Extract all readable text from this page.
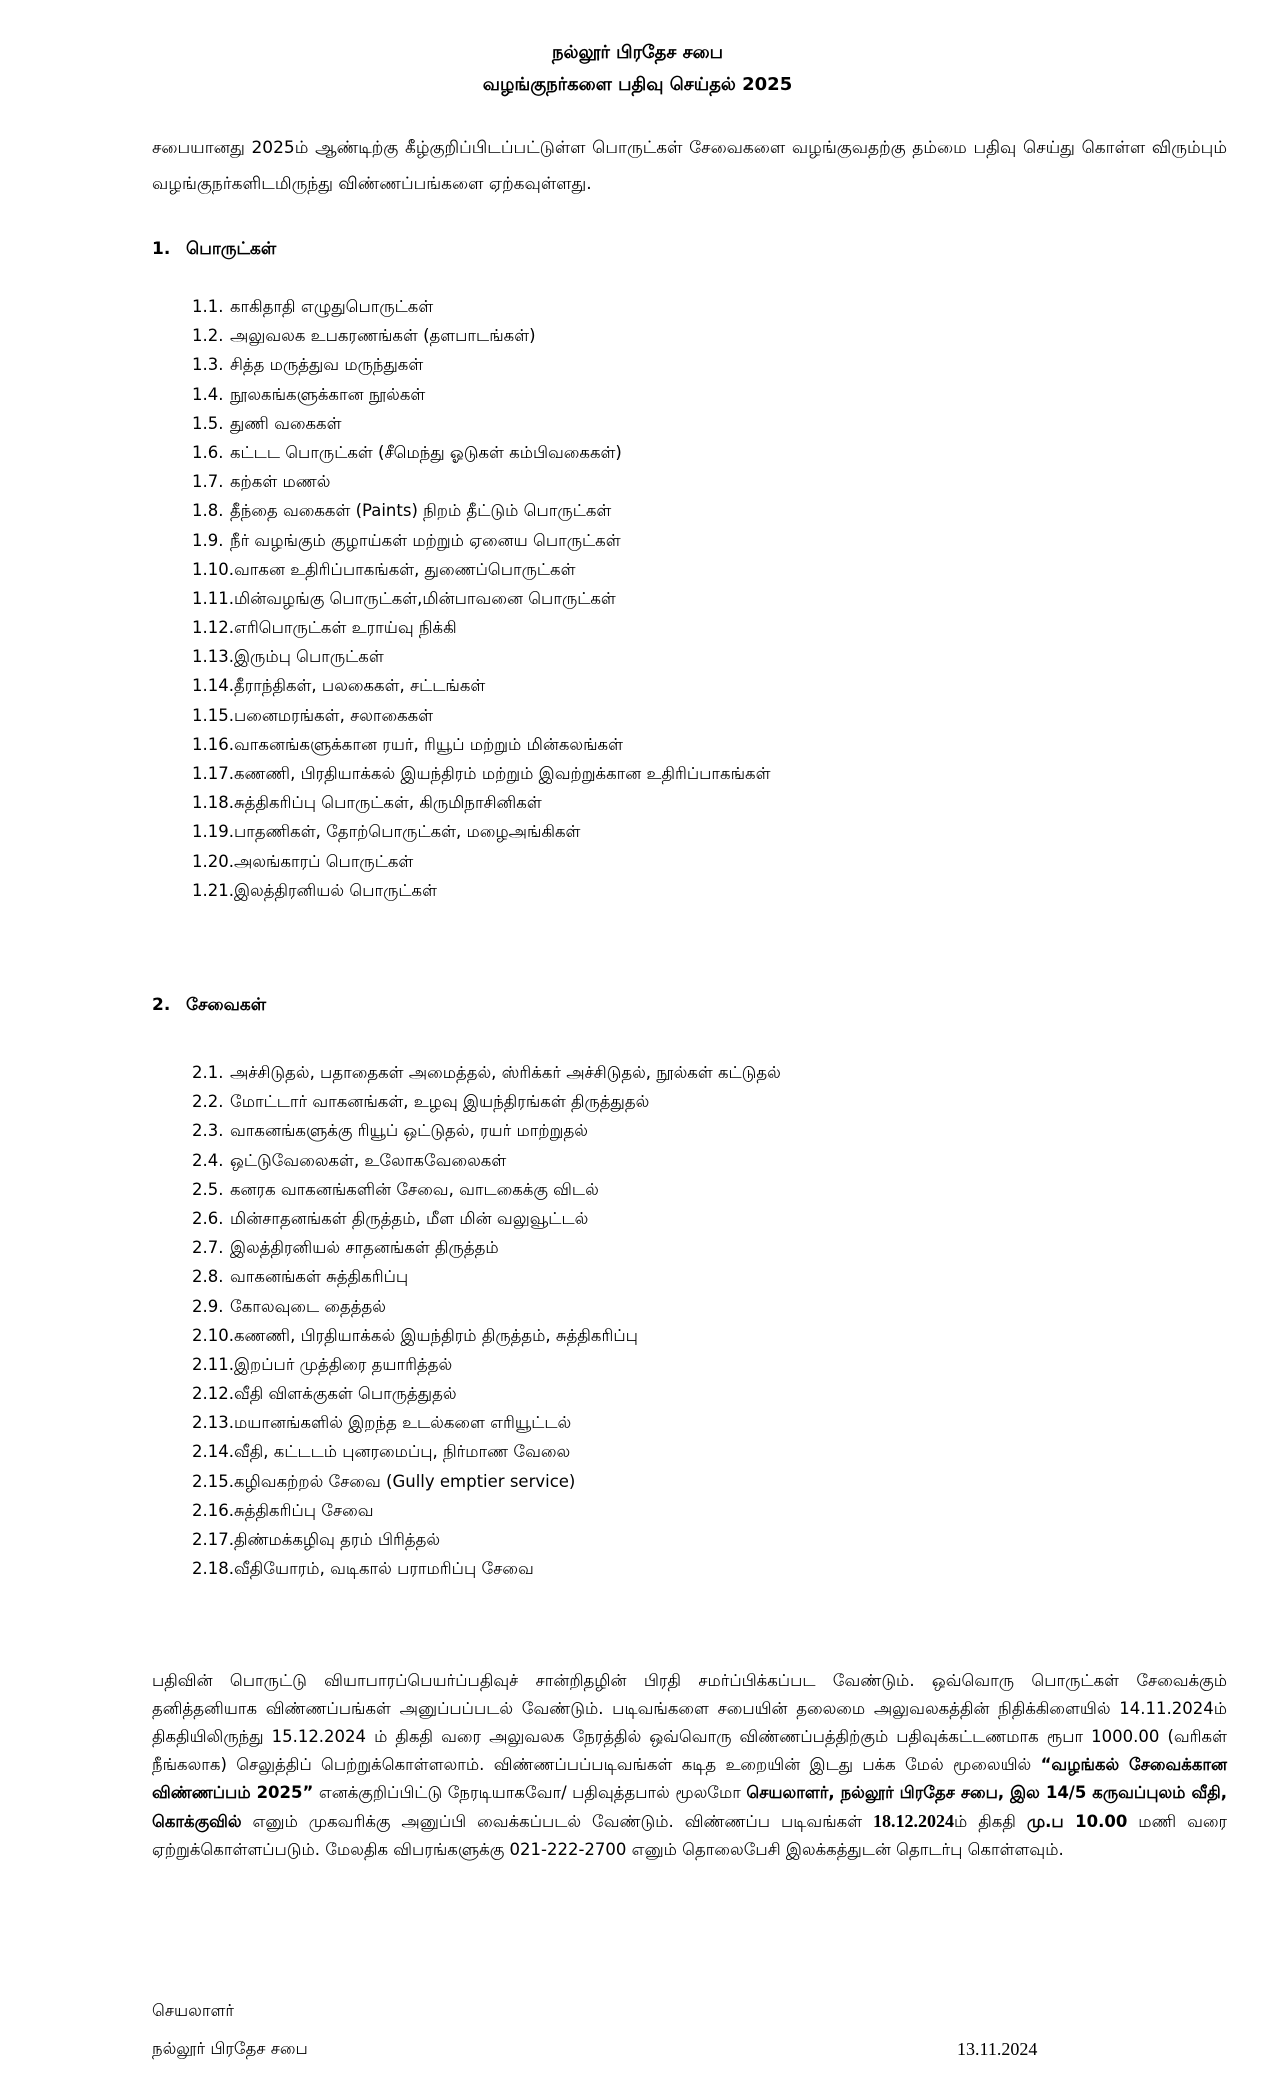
நல்லூர் பிரதேச சபை
வழங்குநர்களை பதிவு செய்தல் 2025
சபையானது 2025ம் ஆண்டிற்கு கீழ்குறிப்பிடப்பட்டுள்ள பொருட்கள் சேவைகளை வழங்குவதற்கு தம்மை பதிவு செய்து கொள்ள விரும்பும் வழங்குநர்களிடமிருந்து விண்ணப்பங்களை ஏற்கவுள்ளது.
1. பொருட்கள்
1.1. காகிதாதி எழுதுபொருட்கள்
1.2. அலுவலக உபகரணங்கள் (தளபாடங்கள்)
1.3. சித்த மருத்துவ மருந்துகள்
1.4. நூலகங்களுக்கான நூல்கள்
1.5. துணி வகைகள்
1.6. கட்டட பொருட்கள் (சீமெந்து ஓடுகள் கம்பிவகைகள்)
1.7. கற்கள் மணல்
1.8. தீந்தை வகைகள் (Paints) நிறம் தீட்டும் பொருட்கள்
1.9. நீர் வழங்கும் குழாய்கள் மற்றும் ஏனைய பொருட்கள்
1.10.வாகன உதிரிப்பாகங்கள், துணைப்பொருட்கள்
1.11.மின்வழங்கு பொருட்கள்,மின்பாவனை பொருட்கள்
1.12.எரிபொருட்கள் உராய்வு நிக்கி
1.13.இரும்பு பொருட்கள்
1.14.தீராந்திகள், பலகைகள், சட்டங்கள்
1.15.பனைமரங்கள், சலாகைகள்
1.16.வாகனங்களுக்கான ரயர், ரியூப் மற்றும் மின்கலங்கள்
1.17.கணணி, பிரதியாக்கல் இயந்திரம் மற்றும் இவற்றுக்கான உதிரிப்பாகங்கள்
1.18.சுத்திகரிப்பு பொருட்கள், கிருமிநாசினிகள்
1.19.பாதணிகள், தோற்பொருட்கள், மழைஅங்கிகள்
1.20.அலங்காரப் பொருட்கள்
1.21.இலத்திரனியல் பொருட்கள்
2. சேவைகள்
2.1. அச்சிடுதல், பதாதைகள் அமைத்தல், ஸ்ரிக்கர் அச்சிடுதல், நூல்கள் கட்டுதல்
2.2. மோட்டார் வாகனங்கள், உழவு இயந்திரங்கள் திருத்துதல்
2.3. வாகனங்களுக்கு ரியூப் ஒட்டுதல், ரயர் மாற்றுதல்
2.4. ஒட்டுவேலைகள், உலோகவேலைகள்
2.5. கனரக வாகனங்களின் சேவை, வாடகைக்கு விடல்
2.6. மின்சாதனங்கள் திருத்தம், மீள மின் வலுவூட்டல்
2.7. இலத்திரனியல் சாதனங்கள் திருத்தம்
2.8. வாகனங்கள் சுத்திகரிப்பு
2.9. கோலவுடை தைத்தல்
2.10.கணணி, பிரதியாக்கல் இயந்திரம் திருத்தம், சுத்திகரிப்பு
2.11.இறப்பர் முத்திரை தயாரித்தல்
2.12.வீதி விளக்குகள் பொருத்துதல்
2.13.மயானங்களில் இறந்த உடல்களை எரியூட்டல்
2.14.வீதி, கட்டடம் புனரமைப்பு, நிர்மாண வேலை
2.15.கழிவகற்றல் சேவை (Gully emptier service)
2.16.சுத்திகரிப்பு சேவை
2.17.திண்மக்கழிவு தரம் பிரித்தல்
2.18.வீதியோரம், வடிகால் பராமரிப்பு சேவை
பதிவின் பொருட்டு வியாபாரப்பெயர்ப்பதிவுச் சான்றிதழின் பிரதி சமர்ப்பிக்கப்பட வேண்டும். ஒவ்வொரு பொருட்கள் சேவைக்கும் தனித்தனியாக விண்ணப்பங்கள் அனுப்பப்படல் வேண்டும். படிவங்களை சபையின் தலைமை அலுவலகத்தின் நிதிக்கிளையில் 14.11.2024ம் திகதியிலிருந்து 15.12.2024 ம் திகதி வரை அலுவலக நேரத்தில் ஒவ்வொரு விண்ணப்பத்திற்கும் பதிவுக்கட்டணமாக ரூபா 1000.00 (வரிகள் நீங்கலாக) செலுத்திப் பெற்றுக்கொள்ளலாம். விண்ணப்பப்படிவங்கள் கடித உறையின் இடது பக்க மேல் மூலையில் “வழங்கல் சேவைக்கான விண்ணப்பம் 2025” எனக்குறிப்பிட்டு நேரடியாகவோ/ பதிவுத்தபால் மூலமோ செயலாளர், நல்லூர் பிரதேச சபை, இல 14/5 கருவப்புலம் வீதி, கொக்குவில் எனும் முகவரிக்கு அனுப்பி வைக்கப்படல் வேண்டும். விண்ணப்ப படிவங்கள் 18.12.2024ம் திகதி மு.ப 10.00 மணி வரை ஏற்றுக்கொள்ளப்படும். மேலதிக விபரங்களுக்கு 021-222-2700 எனும் தொலைபேசி இலக்கத்துடன் தொடர்பு கொள்ளவும்.
செயலாளர்
நல்லூர் பிரதேச சபை	13.11.2024
